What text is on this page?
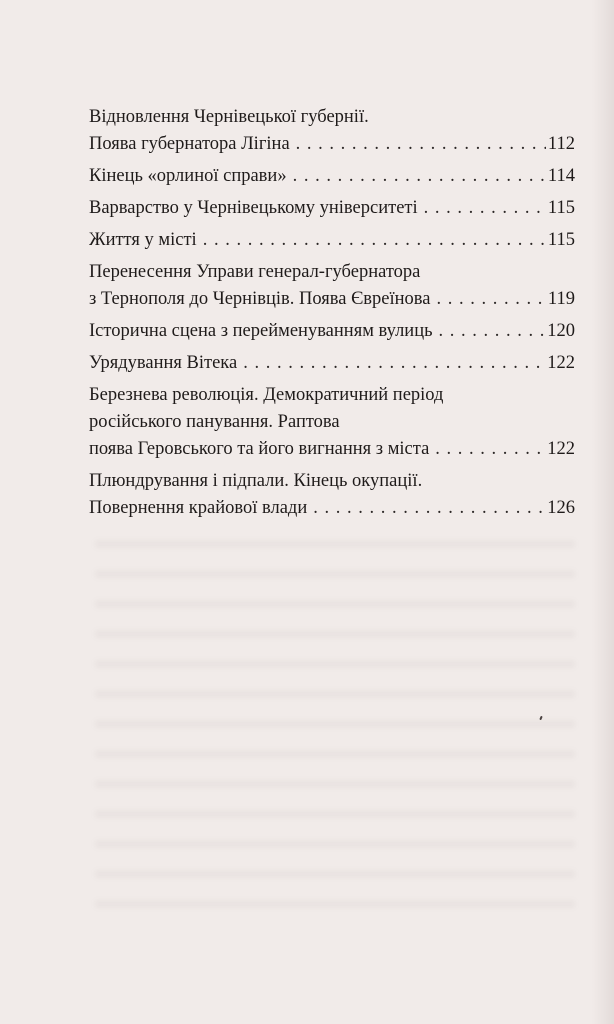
Відновлення Чернівецької губернії.
Поява губернатора Лігіна . . .	112
Кінець «орлиної справи» . . .	114
Варварство у Чернівецькому університеті . . .	115
Життя у місті . . .	115
Перенесення Управи генерал-губернатора
з Тернополя до Чернівців. Поява Євреїнова . . .	119
Історична сцена з перейменуванням вулиць . . .	120
Урядування Вітека . . .	122
Березнева революція. Демократичний період
російського панування. Раптова
поява Геровського та його вигнання з міста . . .	122
Плюндрування і підпали. Кінець окупації.
Повернення крайової влади . . .	126
